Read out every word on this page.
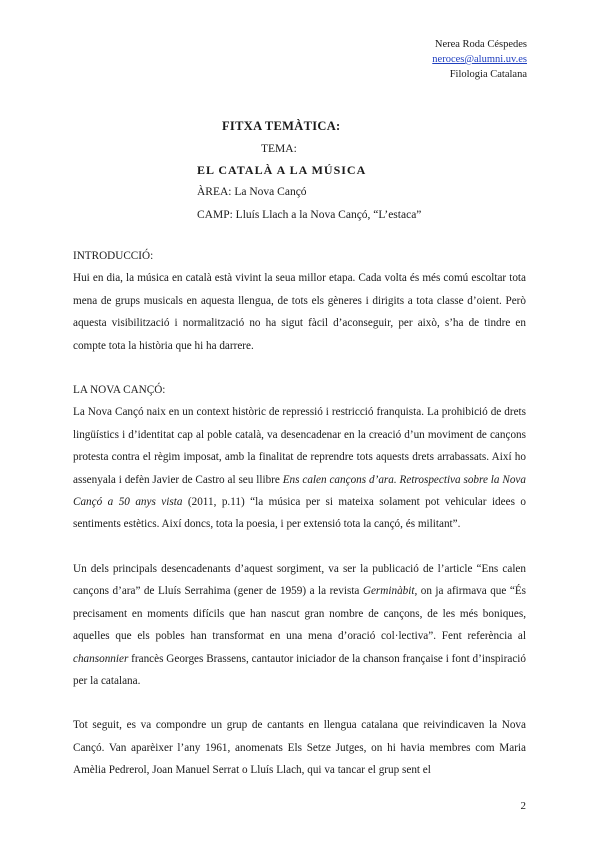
Nerea Roda Céspedes
neroces@alumni.uv.es
Filologia Catalana
FITXA TEMÀTICA:
TEMA:
EL CATALÀ A LA MÚSICA
ÀREA: La Nova Cançó
CAMP: Lluís Llach a la Nova Cançó, “L’estaca”
INTRODUCCIÓ:

Hui en dia, la música en català està vivint la seua millor etapa. Cada volta és més comú escoltar tota mena de grups musicals en aquesta llengua, de tots els gèneres i dirigits a tota classe d’oient. Però aquesta visibilització i normalització no ha sigut fàcil d’aconseguir, per això, s’ha de tindre en compte tota la història que hi ha darrere.

LA NOVA CANÇÓ:

La Nova Cançó naix en un context històric de repressió i restricció franquista. La prohibició de drets lingüístics i d’identitat cap al poble català, va desencadenar en la creació d’un moviment de cançons protesta contra el règim imposat, amb la finalitat de reprendre tots aquests drets arrabassats. Així ho assenyala i defèn Javier de Castro al seu llibre Ens calen cançons d’ara. Retrospectiva sobre la Nova Cançó a 50 anys vista (2011, p.11) “la música per si mateixa solament pot vehicular idees o sentiments estètics. Així doncs, tota la poesia, i per extensió tota la cançó, és militant”.

Un dels principals desencadenants d’aquest sorgiment, va ser la publicació de l’article “Ens calen cançons d’ara” de Lluís Serrahima (gener de 1959) a la revista Germinàbit, on ja afirmava que “És precisament en moments difícils que han nascut gran nombre de cançons, de les més boniques, aquelles que els pobles han transformat en una mena d’oració col·lectiva”. Fent referència al chansonnier francès Georges Brassens, cantautor iniciador de la chanson française i font d’inspiració per la catalana.

Tot seguit, es va compondre un grup de cantants en llengua catalana que reivindicaven la Nova Cançó. Van aparèixer l’any 1961, anomenats Els Setze Jutges, on hi havia membres com Maria Amèlia Pedrerol, Joan Manuel Serrat o Lluís Llach, qui va tancar el grup sent el

2
